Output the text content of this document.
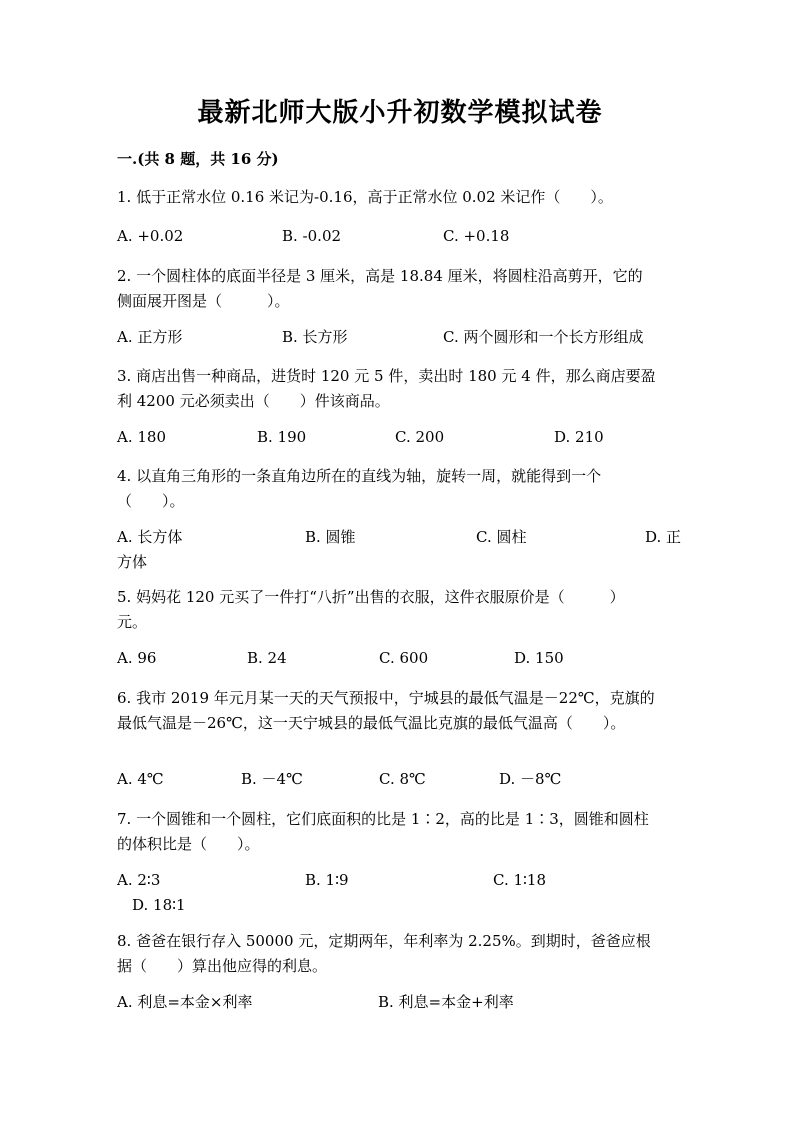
最新北师大版小升初数学模拟试卷
一.(共 8 题，共 16 分)
1. 低于正常水位 0.16 米记为-0.16，高于正常水位 0.02 米记作（　　）。
A. +0.02	B. -0.02	C. +0.18
2. 一个圆柱体的底面半径是 3 厘米，高是 18.84 厘米，将圆柱沿高剪开，它的
侧面展开图是（　　　）。
A. 正方形	B. 长方形	C. 两个圆形和一个长方形组成
3. 商店出售一种商品，进货时 120 元 5 件，卖出时 180 元 4 件，那么商店要盈
利 4200 元必须卖出（　　）件该商品。
A. 180	B. 190	C. 200	D. 210
4. 以直角三角形的一条直角边所在的直线为轴，旋转一周，就能得到一个
（　　）。
A. 长方体	B. 圆锥	C. 圆柱	D. 正
方体
5. 妈妈花 120 元买了一件打“八折”出售的衣服，这件衣服原价是（　　　）
元。
A. 96	B. 24	C. 600	D. 150
6. 我市 2019 年元月某一天的天气预报中，宁城县的最低气温是－22℃，克旗的
最低气温是－26℃，这一天宁城县的最低气温比克旗的最低气温高（　　）。
A. 4℃	B. －4℃	C. 8℃	D. －8℃
7. 一个圆锥和一个圆柱，它们底面积的比是 1∶2，高的比是 1∶3，圆锥和圆柱
的体积比是（　　）。
A. 2∶3	B. 1∶9	C. 1∶18
D. 18∶1
8. 爸爸在银行存入 50000 元，定期两年，年利率为 2.25%。到期时，爸爸应根
据（　　）算出他应得的利息。
A. 利息=本金×利率	B. 利息=本金+利率
